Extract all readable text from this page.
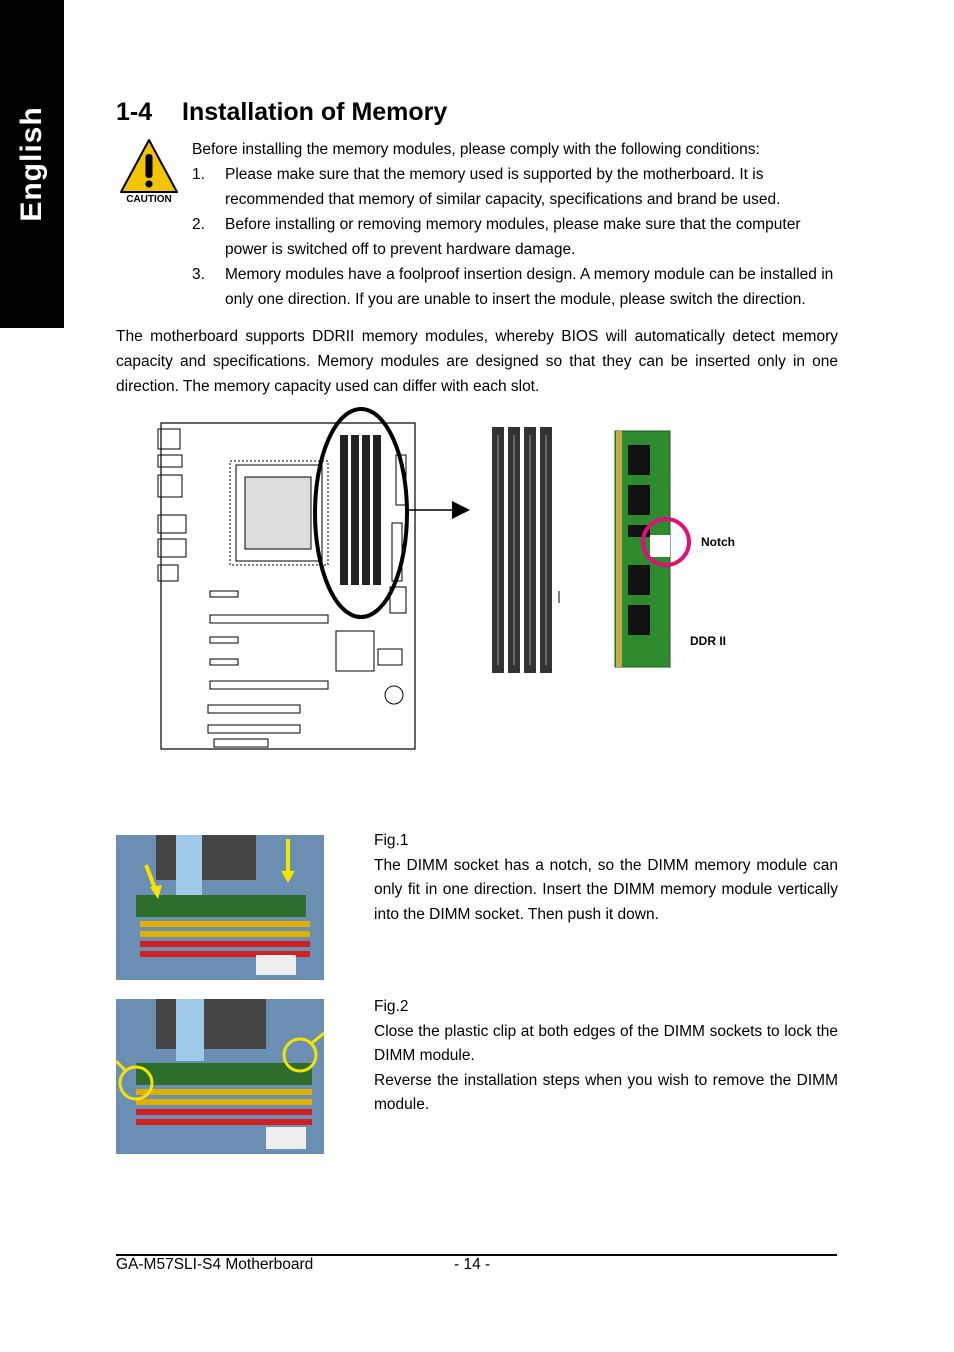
English	1-4 Installation of Memory
CAUTION
Before installing the memory modules, please comply with the following conditions:
1. Please make sure that the memory used is supported by the motherboard. It is recommended that memory of similar capacity, specifications and brand be used.
2. Before installing or removing memory modules, please make sure that the computer power is switched off to prevent hardware damage.
3. Memory modules have a foolproof insertion design. A memory module can be installed in only one direction. If you are unable to insert the module, please switch the direction.
The motherboard supports DDRII memory modules, whereby BIOS will automatically detect memory capacity and specifications. Memory modules are designed so that they can be inserted only in one direction. The memory capacity used can differ with each slot.
Notch
DDR II
Fig.1
The DIMM socket has a notch, so the DIMM memory module can only fit in one direction. Insert the DIMM memory module vertically into the DIMM socket. Then push it down.
Fig.2
Close the plastic clip at both edges of the DIMM sockets to lock the DIMM module.
Reverse the installation steps when you wish to remove the DIMM module.
GA-M57SLI-S4 Motherboard	- 14 -
